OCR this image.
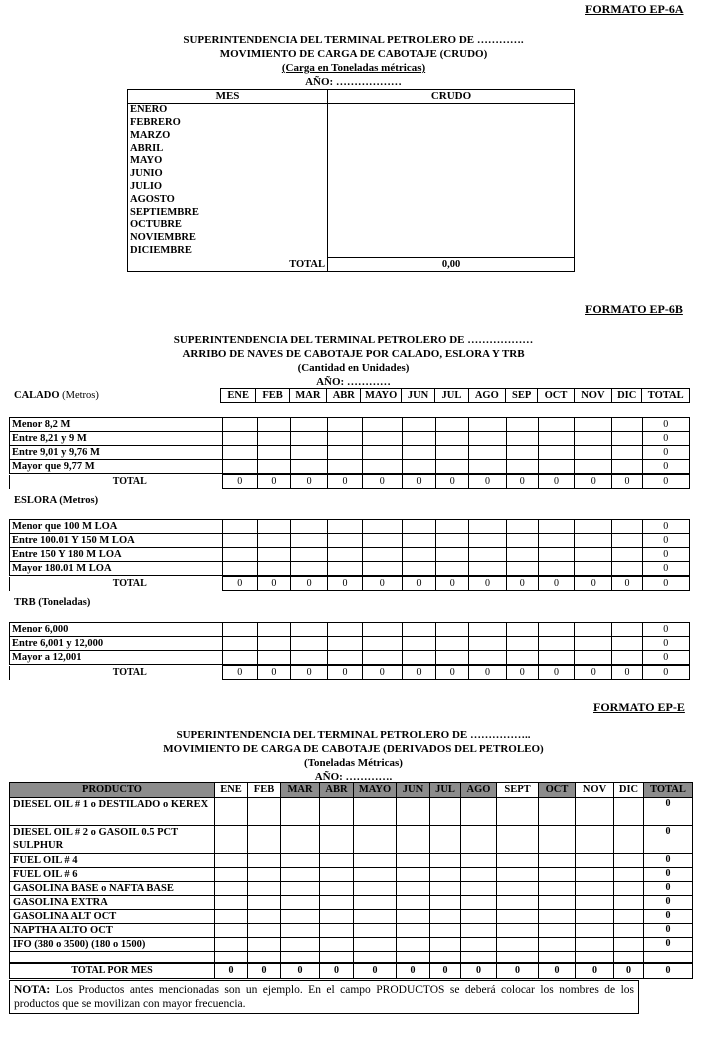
FORMATO EP-6A
SUPERINTENDENCIA DEL TERMINAL PETROLERO DE ………….
MOVIMIENTO DE CARGA DE CABOTAJE (CRUDO)
(Carga en Toneladas métricas)
AÑO: ………………
MES	CRUDO
ENERO	
FEBRERO	
MARZO	
ABRIL	
MAYO	
JUNIO	
JULIO	
AGOSTO	
SEPTIEMBRE	
OCTUBRE	
NOVIEMBRE	
DICIEMBRE	
TOTAL	0,00
FORMATO EP-6B
SUPERINTENDENCIA DEL TERMINAL PETROLERO DE ………………
ARRIBO DE NAVES DE CABOTAJE POR CALADO, ESLORA Y TRB
(Cantidad en Unidades)
AÑO: …………
CALADO (Metros)	ENE	FEB	MAR	ABR	MAYO	JUN	JUL	AGO	SEP	OCT	NOV	DIC	TOTAL
Menor 8,2 M													0
Entre 8,21 y 9 M													0
Entre 9,01 y 9,76 M													0
Mayor que 9,77 M													0
TOTAL	0	0	0	0	0	0	0	0	0	0	0	0	0
ESLORA (Metros)
Menor que 100 M LOA													0
Entre 100.01 Y 150 M LOA													0
Entre 150 Y 180 M LOA													0
Mayor 180.01 M LOA													0
TOTAL	0	0	0	0	0	0	0	0	0	0	0	0	0
TRB (Toneladas)
Menor 6,000													0
Entre 6,001 y 12,000													0
Mayor a 12,001													0
TOTAL	0	0	0	0	0	0	0	0	0	0	0	0	0
FORMATO EP-E
SUPERINTENDENCIA DEL TERMINAL PETROLERO DE ……………..
MOVIMIENTO DE CARGA DE CABOTAJE (DERIVADOS DEL PETROLEO)
(Toneladas Métricas)
AÑO: ………….
PRODUCTO	ENE	FEB	MAR	ABR	MAYO	JUN	JUL	AGO	SEPT	OCT	NOV	DIC	TOTAL
DIESEL OIL # 1 o DESTILADO o KEREX													0
DIESEL OIL # 2 o GASOIL 0.5 PCT SULPHUR													0
FUEL OIL # 4													0
FUEL OIL # 6													0
GASOLINA BASE o NAFTA BASE													0
GASOLINA EXTRA													0
GASOLINA ALT OCT													0
NAPTHA ALTO OCT													0
IFO (380 o 3500) (180 o 1500)													0

TOTAL POR MES	0	0	0	0	0	0	0	0	0	0	0	0	0
NOTA: Los Productos antes mencionadas son un ejemplo. En el campo PRODUCTOS se deberá colocar los nombres de los productos que se movilizan con mayor frecuencia.
